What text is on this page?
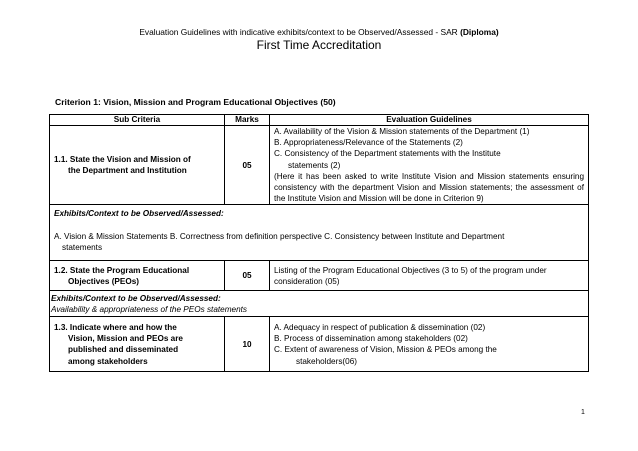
Evaluation Guidelines with indicative exhibits/context to be Observed/Assessed - SAR (Diploma)
First Time Accreditation
Criterion 1: Vision, Mission and Program Educational Objectives (50)
Sub Criteria	Marks	Evaluation Guidelines

1.1. State the Vision and Mission of
the Department and Institution	05	A. Availability of the Vision & Mission statements of the Department (1)
B. Appropriateness/Relevance of the Statements (2)
C. Consistency of the Department statements with the Institute
statements (2)
(Here it has been asked to write Institute Vision and Mission statements ensuring consistency with the department Vision and Mission statements; the assessment of the Institute Vision and Mission will be done in Criterion 9)

Exhibits/Context to be Observed/Assessed:
A. Vision & Mission Statements B. Correctness from definition perspective C. Consistency between Institute and Department
statements		

1.2. State the Program Educational
Objectives (PEOs)	05	Listing of the Program Educational Objectives (3 to 5) of the program under consideration (05)

Exhibits/Context to be Observed/Assessed:
Availability & appropriateness of the PEOs statements		

1.3. Indicate where and how the
Vision, Mission and PEOs are
published and disseminated
among stakeholders	10	A. Adequacy in respect of publication & dissemination (02)
B. Process of dissemination among stakeholders (02)
C. Extent of awareness of Vision, Mission & PEOs among the
stakeholders(06)
1
